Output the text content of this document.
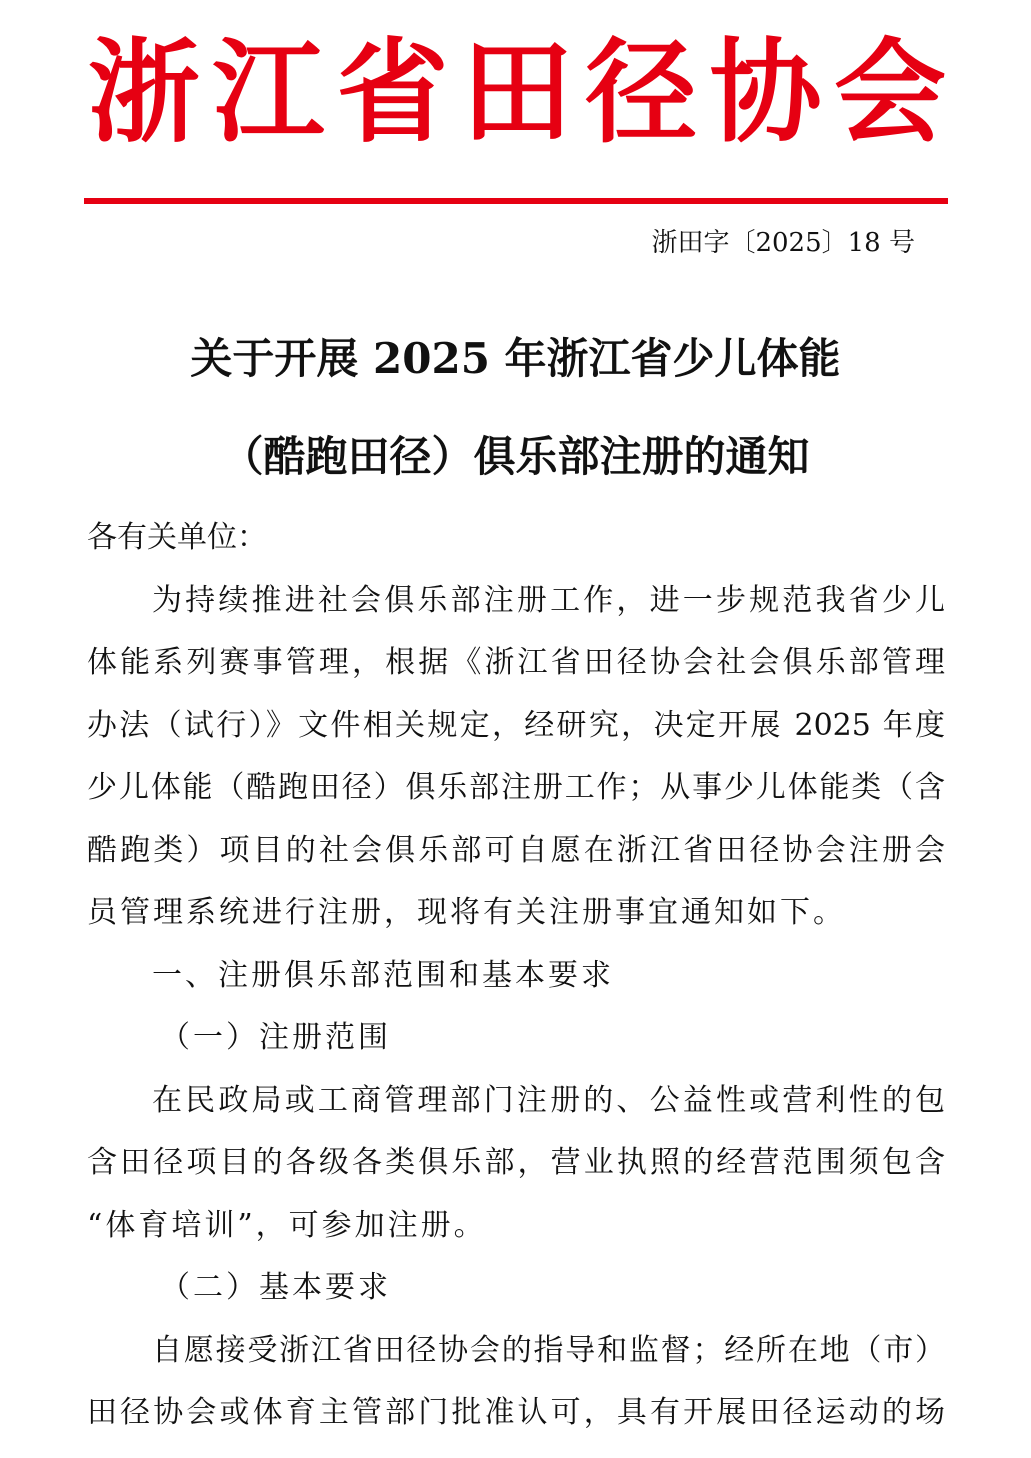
浙 江 省 田 径 协 会
浙田字〔2025〕18 号
关于开展 2025 年浙江省少儿体能
（酷跑田径）俱乐部注册的通知
各有关单位：
为持续推进社会俱乐部注册工作，进一步规范我省少儿
体能系列赛事管理，根据《浙江省田径协会社会俱乐部管理
办法（试行）》文件相关规定，经研究，决定开展 2025 年度
少儿体能（酷跑田径）俱乐部注册工作；从事少儿体能类（含
酷跑类）项目的社会俱乐部可自愿在浙江省田径协会注册会
员管理系统进行注册，现将有关注册事宜通知如下。
一、注册俱乐部范围和基本要求
（一）注册范围
在民政局或工商管理部门注册的、公益性或营利性的包
含田径项目的各级各类俱乐部，营业执照的经营范围须包含
“体育培训”，可参加注册。
（二）基本要求
自愿接受浙江省田径协会的指导和监督；经所在地（市）
田径协会或体育主管部门批准认可，具有开展田径运动的场
